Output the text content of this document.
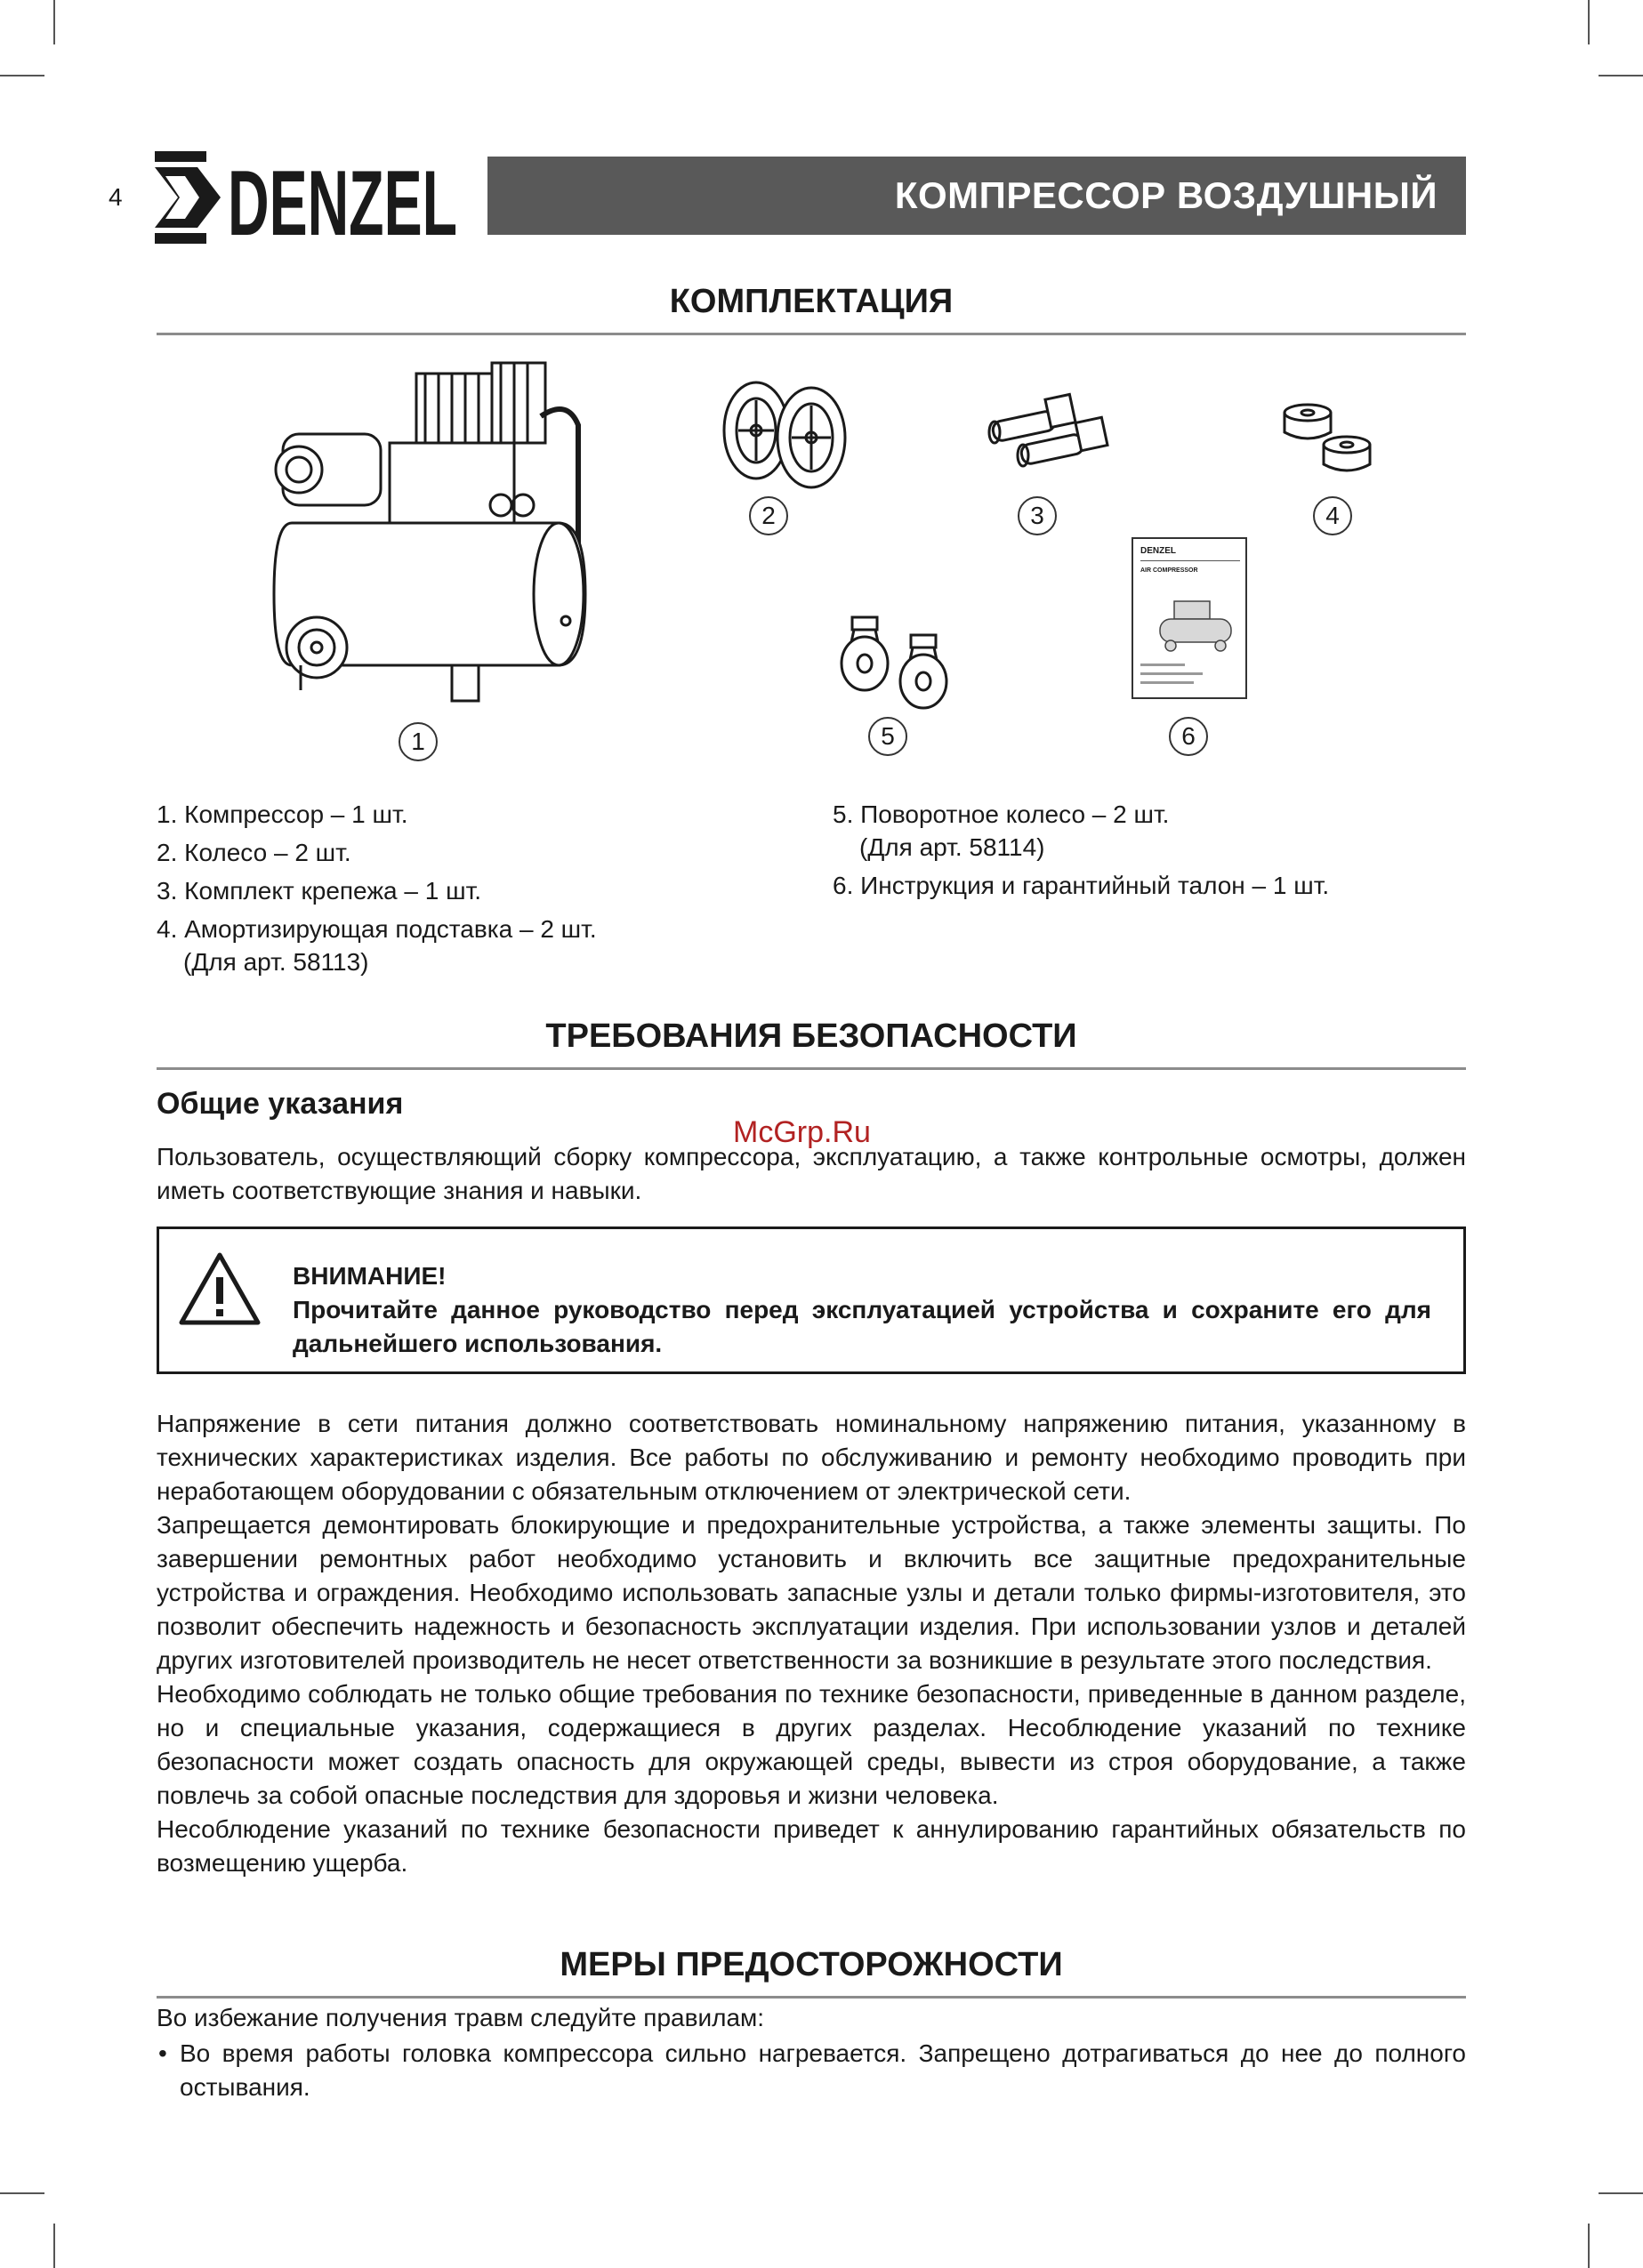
4 DENZEL	КОМПРЕССОР ВОЗДУШНЫЙ
КОМПЛЕКТАЦИЯ
1
2	3	4
5
DENZEL
AIR COMPRESSOR
6
1. Компрессор – 1 шт.
2. Колесо – 2 шт.
3. Комплект крепежа – 1 шт.
4. Амортизирующая подставка – 2 шт.
(Для арт. 58113)
5. Поворотное колесо – 2 шт.
(Для арт. 58114)
6. Инструкция и гарантийный талон – 1 шт.
ТРЕБОВАНИЯ БЕЗОПАСНОСТИ
Общие указания
McGrp.Ru

Пользователь, осуществляющий сборку компрессора, эксплуатацию, а также контрольные осмотры, должен иметь соответствующие знания и навыки.

ВНИМАНИЕ!
Прочитайте данное руководство перед эксплуатацией устройства и сохраните его для дальнейшего использования.

Напряжение в сети питания должно соответствовать номинальному напряжению питания, указанному в технических характеристиках изделия. Все работы по обслуживанию и ремонту необходимо проводить при неработающем оборудовании с обязательным отключением от электрической сети.

Запрещается демонтировать блокирующие и предохранительные устройства, а также элементы защиты. По завершении ремонтных работ необходимо установить и включить все защитные предохранительные устройства и ограждения. Необходимо использовать запасные узлы и детали только фирмы-изготовителя, это позволит обеспечить надежность и безопасность эксплуатации изделия. При использовании узлов и деталей других изготовителей производитель не несет ответственности за возникшие в результате этого последствия.

Необходимо соблюдать не только общие требования по технике безопасности, приведенные в данном разделе, но и специальные указания, содержащиеся в других разделах. Несоблюдение указаний по технике безопасности может создать опасность для окружающей среды, вывести из строя оборудование, а также повлечь за собой опасные последствия для здоровья и жизни человека.

Несоблюдение указаний по технике безопасности приведет к аннулированию гарантийных обязательств по возмещению ущерба.

МЕРЫ ПРЕДОСТОРОЖНОСТИ

Во избежание получения травм следуйте правилам:

• Во время работы головка компрессора сильно нагревается. Запрещено дотрагиваться до нее до полного остывания.
